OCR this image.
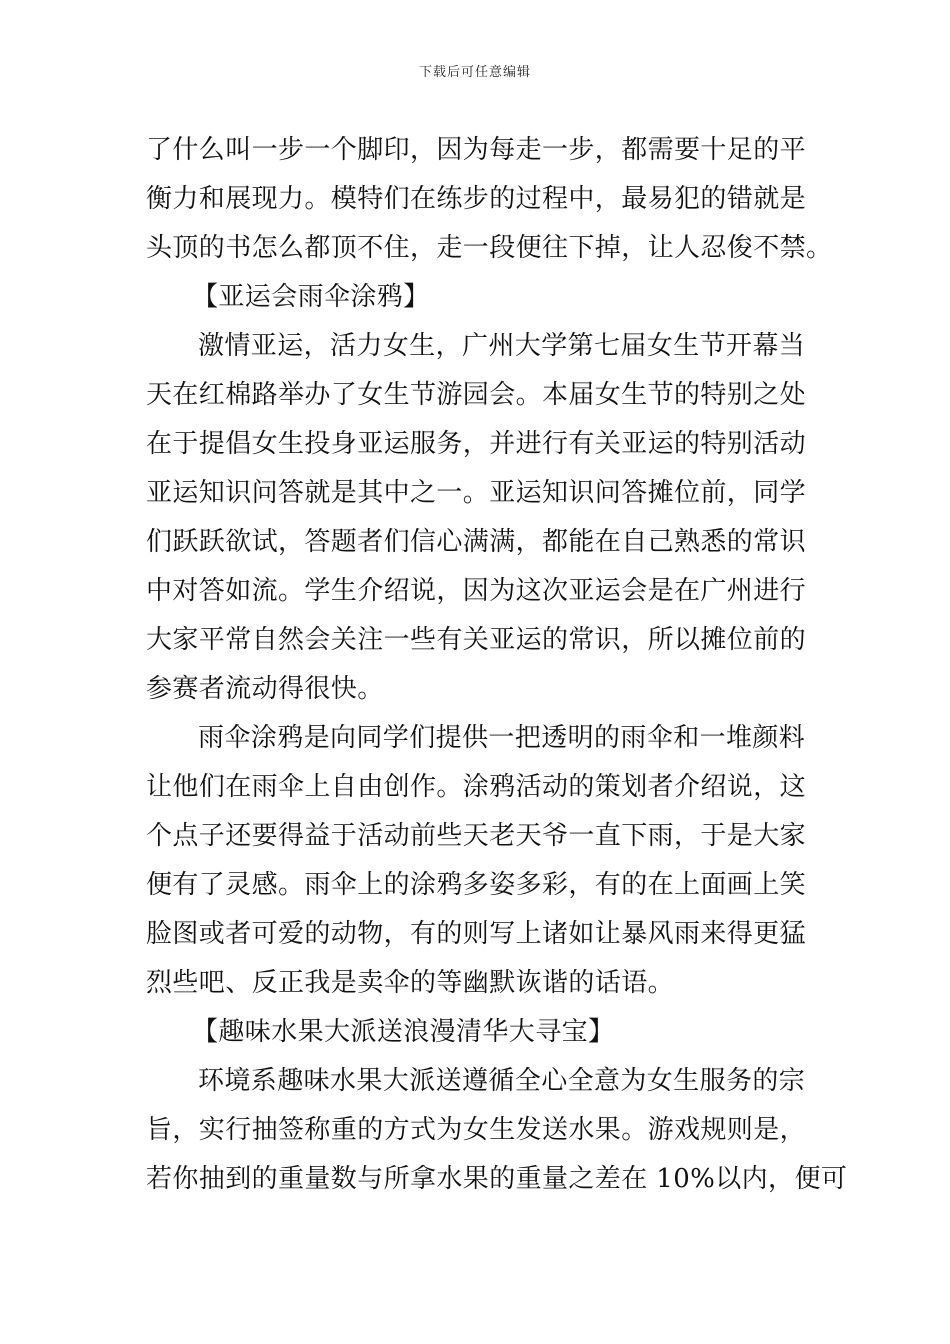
下载后可任意编辑
了什么叫一步一个脚印，因为每走一步，都需要十足的平
衡力和展现力。模特们在练步的过程中，最易犯的错就是
头顶的书怎么都顶不住，走一段便往下掉，让人忍俊不禁。
【亚运会雨伞涂鸦】
激情亚运，活力女生，广州大学第七届女生节开幕当
天在红棉路举办了女生节游园会。本届女生节的特别之处
在于提倡女生投身亚运服务，并进行有关亚运的特别活动
亚运知识问答就是其中之一。亚运知识问答摊位前，同学
们跃跃欲试，答题者们信心满满，都能在自己熟悉的常识
中对答如流。学生介绍说，因为这次亚运会是在广州进行
大家平常自然会关注一些有关亚运的常识，所以摊位前的
参赛者流动得很快。
雨伞涂鸦是向同学们提供一把透明的雨伞和一堆颜料
让他们在雨伞上自由创作。涂鸦活动的策划者介绍说，这
个点子还要得益于活动前些天老天爷一直下雨，于是大家
便有了灵感。雨伞上的涂鸦多姿多彩，有的在上面画上笑
脸图或者可爱的动物，有的则写上诸如让暴风雨来得更猛
烈些吧、反正我是卖伞的等幽默诙谐的话语。
【趣味水果大派送浪漫清华大寻宝】
环境系趣味水果大派送遵循全心全意为女生服务的宗
旨，实行抽签称重的方式为女生发送水果。游戏规则是，
若你抽到的重量数与所拿水果的重量之差在 10%以内，便可
